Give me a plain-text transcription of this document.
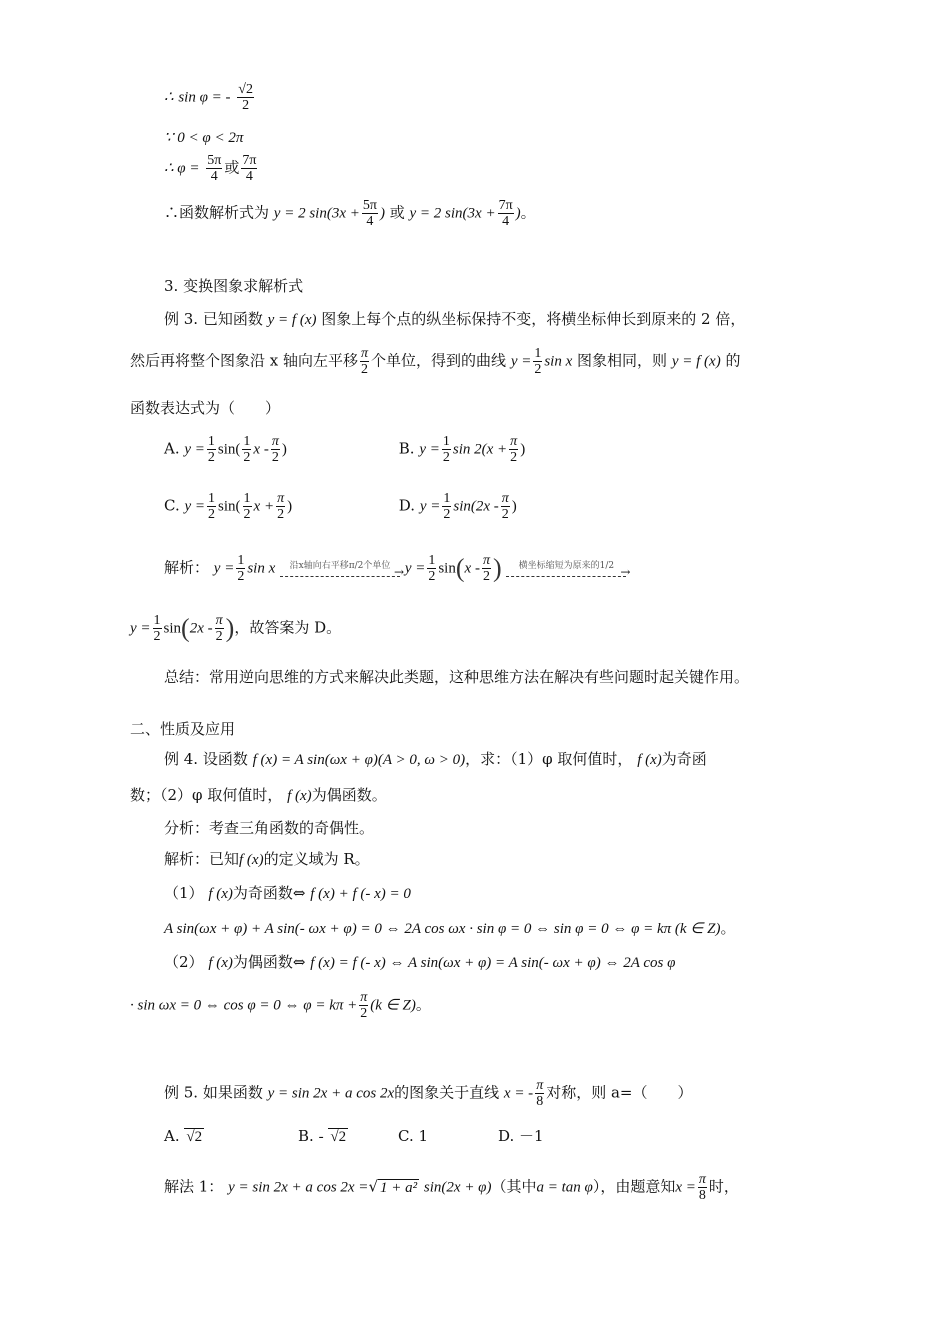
∴ sin φ = - $\frac{√2}{2}$
∵ 0 < φ < 2π
∴ $\varphi = \frac{5\pi}{4}$ 或 $\frac{7\pi}{4}$
∴函数解析式为 y = 2 $\sin(3x + \frac{5\pi}{4}$ ) 或 y = 2 $\sin(3x + \frac{7\pi}{4}$ )。
3. 变换图象求解析式
例 3. 已知函数 y = f (x) 图象上每个点的纵坐标保持不变，将横坐标伸长到原来的 2 倍，
然后再将整个图象沿 x 轴向左平移 $\frac{\pi}{2}$ 个单位，得到的曲线 $y = \frac{1}{2}$ sin x 图象相同，则 y = f (x) 的
函数表达式为（　　）
A. $y = \frac{1}{2} \sin( \frac{1}{2}$ x - $\frac{\pi}{2}$ )	B. $y = \frac{1}{2}$ $\sin 2(x + \frac{\pi}{2}$ )
C. $y = \frac{1}{2} \sin( \frac{1}{2}$ $x + \frac{\pi}{2}$ )	D. $y = \frac{1}{2} \sin(2x - \frac{\pi}{2}$ )
解析： $y = \frac{1}{2}$ sin x	沿x轴向右平移π/2个单位 → $y = \frac{1}{2} \sin(x - \frac{\pi}{2}$ )	横坐标缩短为原来的1/2 →
$y = \frac{1}{2} \sin(2x - \frac{\pi}{2}$ )，故答案为 D。
总结：常用逆向思维的方式来解决此类题，这种思维方法在解决有些问题时起关键作用。
二、性质及应用
例 4. 设函数 f (x) = A sin(ωx + φ)(A > 0, ω > 0)，求：（1）φ 取何值时， f (x)为奇函
数；（2）φ 取何值时， f (x)为偶函数。
分析：考查三角函数的奇偶性。
解析：已知f (x)的定义域为 R。
（1） f (x)为奇函数⇔ f (x) + f (- x) = 0
A sin(ωx + φ) + A sin(- ωx + φ) = 0 ⇔ 2A cos ωx · sin φ = 0 ⇔ sin φ = 0 ⇔ φ = kπ (k ∈ Z)。
（2） f (x)为偶函数⇔ f (x) = f (- x) ⇔ A sin(ωx + φ) = A sin(- ωx + φ) ⇔ 2A cos φ
· sin ωx = 0 ⇔ cos φ = 0 ⇔ $\varphi = k\pi + \frac{\pi}{2} (k$ ∈ Z)。
例 5. 如果函数 y = sin 2x + a cos 2x的图象关于直线 x = - $\frac{\pi}{8}$ 对称，则 a=（　　）
A. √2	B. - √2	C. 1	D. －1
解法 1： y = sin 2x + a cos 2x =√ 1 + a² sin(2x + φ)（其中a = tan φ），由题意知$x = \frac{\pi}{8}$ 时，
